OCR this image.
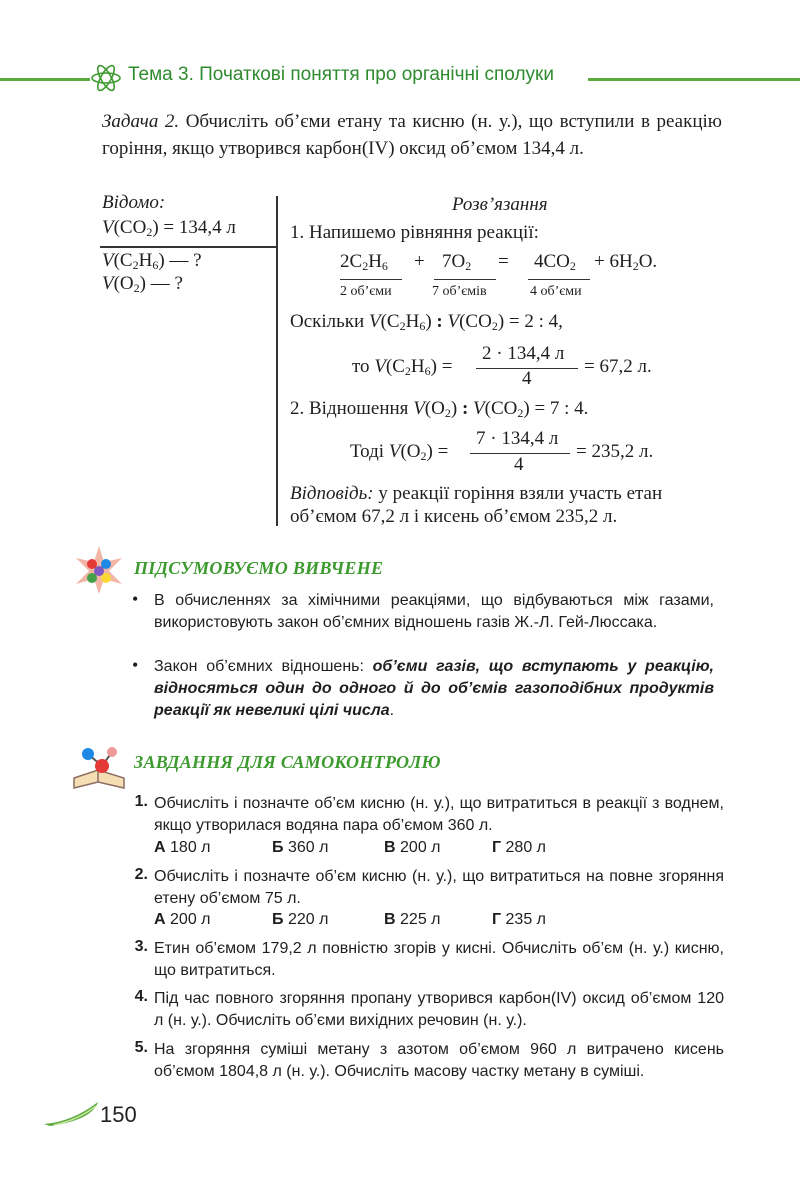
Тема 3. Початкові поняття про органічні сполуки
Задача 2. Обчисліть об’єми етану та кисню (н. у.), що вступили в реакцію горіння, якщо утворився карбон(IV) оксид об’ємом 134,4 л.
Відомо:
$V(CO_2) = 134,4$ л
$V(C_2H_6)$ — ?
$V(O_2)$ — ?
Розв’язання
1. Напишемо рівняння реакції:
$2C_2H_6 + 7O_2 = 4CO_2 + 6H_2O$.
2 об’єми	7 об’ємів	4 об’єми
Оскільки $V(C_2H_6)$ : $V(CO_2) = 2$ : 4,
то $V(C_2H_6)$ =
2 · 134,4 л
4
= 67,2 л.
2. Відношення $V(O_2)$ : $V(CO_2) = 7$ : 4.
Тоді $V(O_2)$ =
7 · 134,4 л
4
= 235,2 л.
Відповідь: у реакції горіння взяли участь етан
об’ємом 67,2 л і кисень об’ємом 235,2 л.
ПІДСУМОВУЄМО ВИВЧЕНЕ
• В обчисленнях за хімічними реакціями, що відбуваються між газами, використовують закон об’ємних відношень газів Ж.-Л. Гей-Люссака.
• Закон об’ємних відношень: об’єми газів, що вступають у реакцію, відносяться один до одного й до об’ємів газоподібних продуктів реакції як невеликі цілі числа.
ЗАВДАННЯ ДЛЯ САМОКОНТРОЛЮ
1. Обчисліть і позначте об’єм кисню (н. у.), що витратиться в реакції з воднем, якщо утворилася водяна пара об’ємом 360 л.
А 180 л	Б 360 л	В 200 л	Г 280 л
2. Обчисліть і позначте об’єм кисню (н. у.), що витратиться на повне згоряння етену об’ємом 75 л.
А 200 л	Б 220 л	В 225 л	Г 235 л
3. Етин об’ємом 179,2 л повністю згорів у кисні. Обчисліть об’єм (н. у.) кисню, що витратиться.
4. Під час повного згоряння пропану утворився карбон(IV) оксид об’ємом 120 л (н. у.). Обчисліть об’єми вихідних речовин (н. у.).
5. На згоряння суміші метану з азотом об’ємом 960 л витрачено кисень об’ємом 1804,8 л (н. у.). Обчисліть масову частку метану в суміші.
150
